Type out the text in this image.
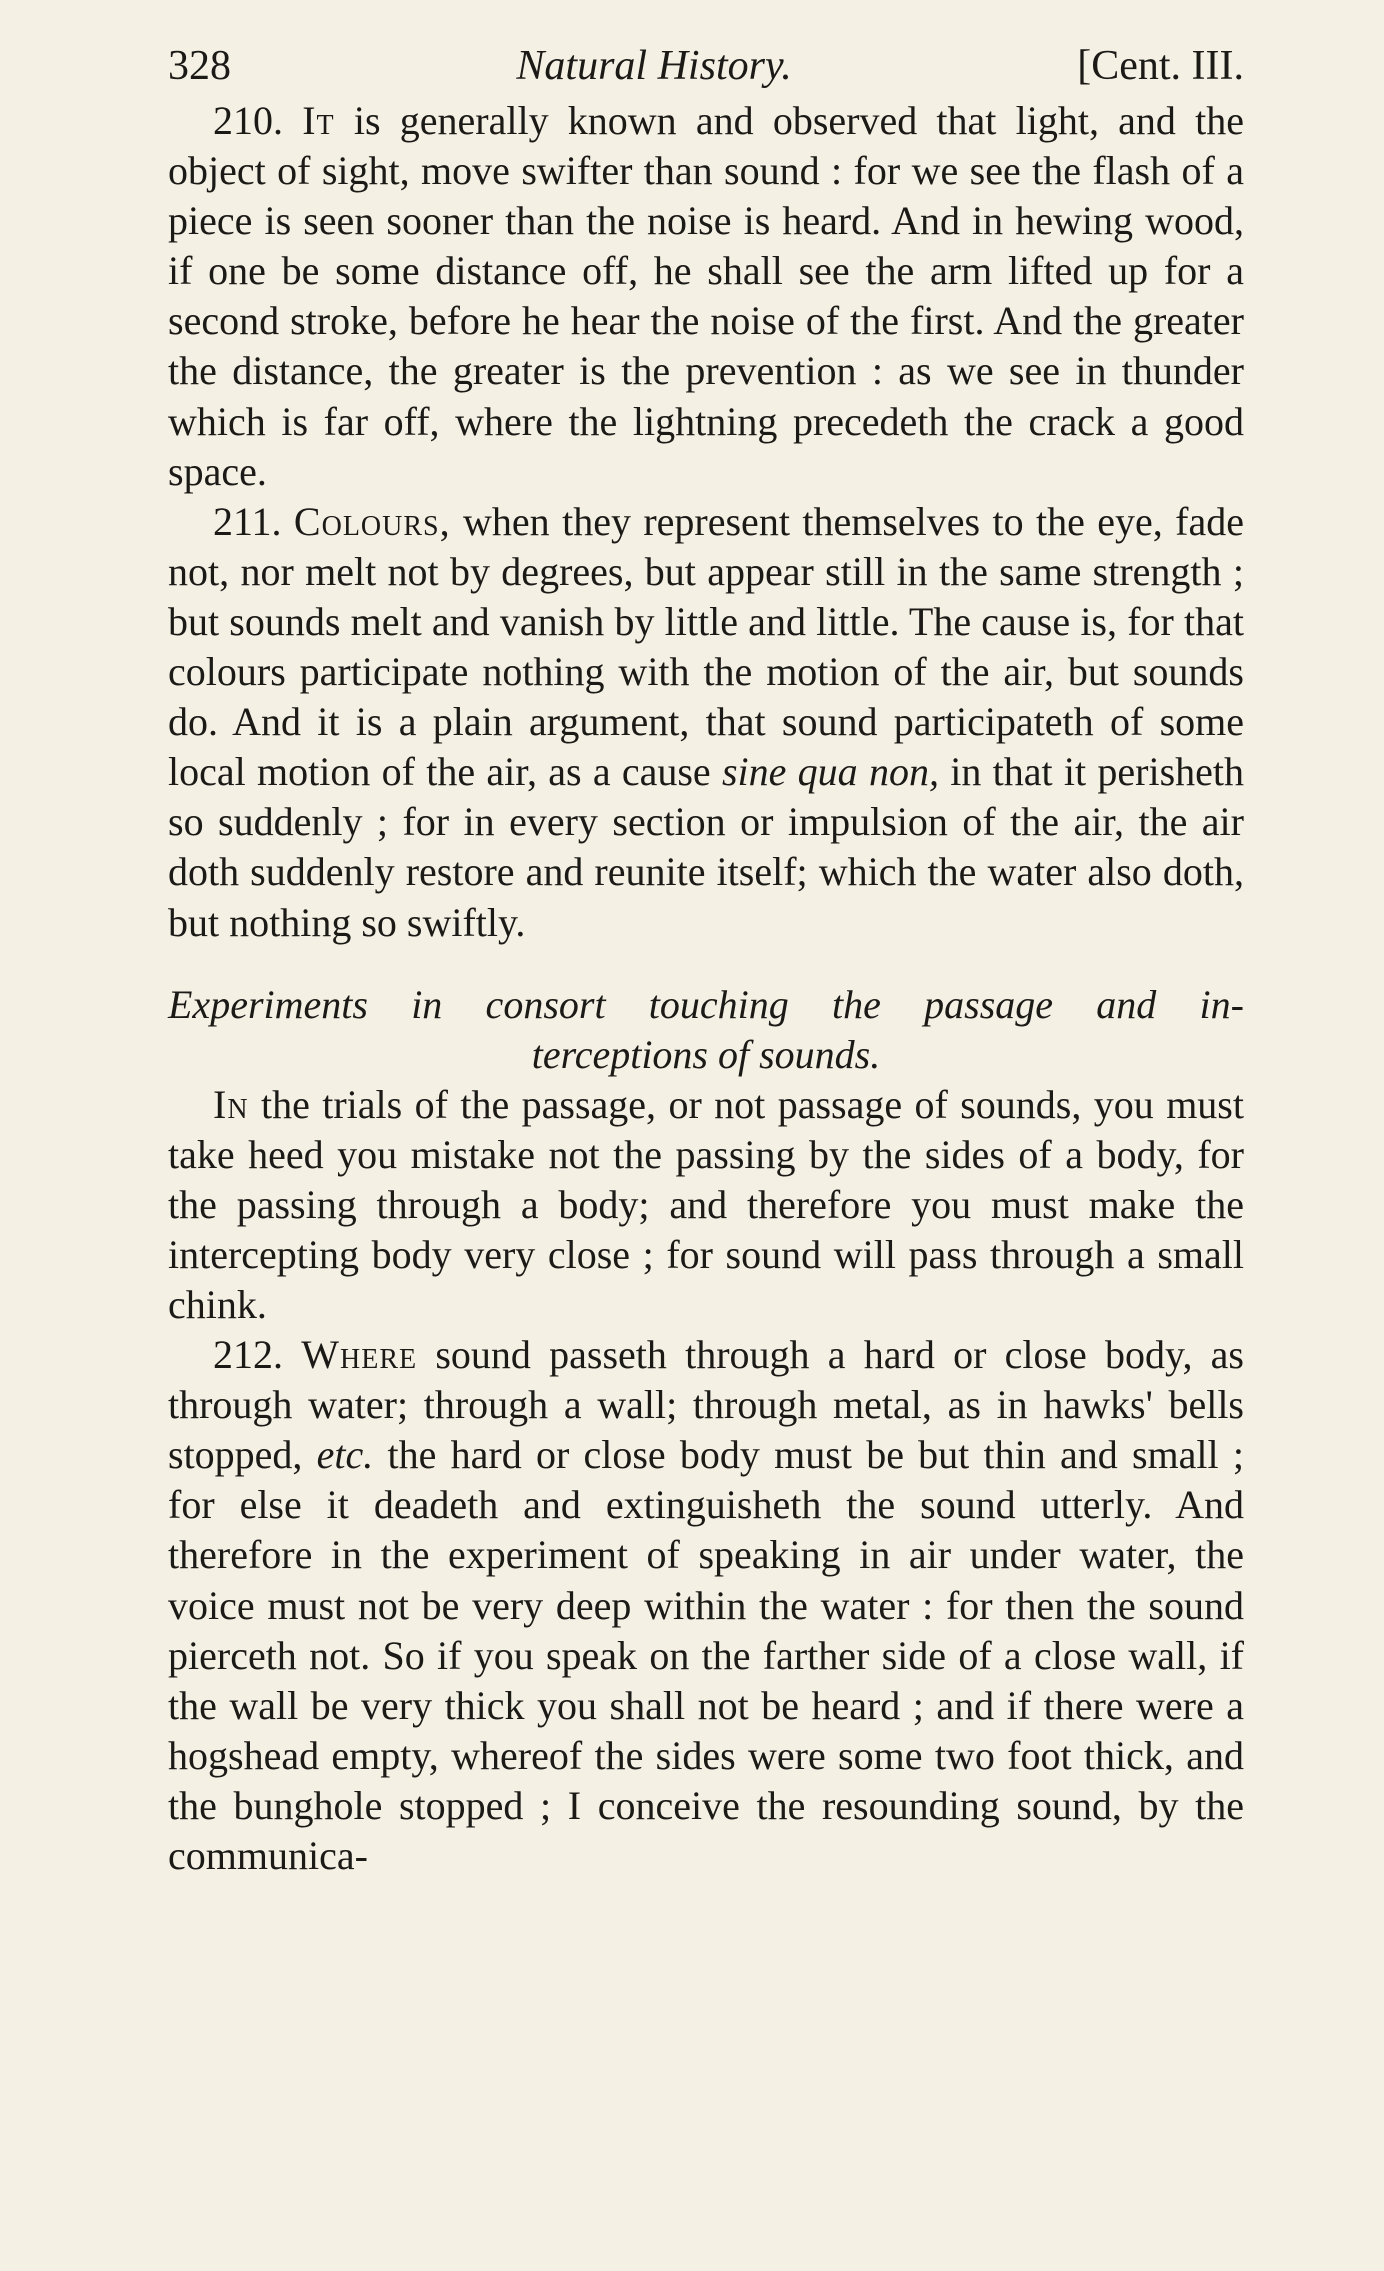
328	Natural History.	[Cent. III.

210. It is generally known and observed that light, and the object of sight, move swifter than sound : for we see the flash of a piece is seen sooner than the noise is heard. And in hewing wood, if one be some distance off, he shall see the arm lifted up for a second stroke, before he hear the noise of the first. And the greater the distance, the greater is the prevention : as we see in thunder which is far off, where the lightning precedeth the crack a good space.

211. Colours, when they represent themselves to the eye, fade not, nor melt not by degrees, but appear still in the same strength ; but sounds melt and vanish by little and little. The cause is, for that colours participate nothing with the motion of the air, but sounds do. And it is a plain argument, that sound participateth of some local motion of the air, as a cause sine qua non, in that it perisheth so suddenly ; for in every section or impulsion of the air, the air doth suddenly restore and reunite itself; which the water also doth, but nothing so swiftly.

Experiments in consort touching the passage and in-
terceptions of sounds.

In the trials of the passage, or not passage of sounds, you must take heed you mistake not the passing by the sides of a body, for the passing through a body; and therefore you must make the intercepting body very close ; for sound will pass through a small chink.

212. Where sound passeth through a hard or close body, as through water; through a wall; through metal, as in hawks' bells stopped, etc. the hard or close body must be but thin and small ; for else it deadeth and extinguisheth the sound utterly. And therefore in the experiment of speaking in air under water, the voice must not be very deep within the water : for then the sound pierceth not. So if you speak on the farther side of a close wall, if the wall be very thick you shall not be heard ; and if there were a hogshead empty, whereof the sides were some two foot thick, and the bunghole stopped ; I conceive the resounding sound, by the communica-
